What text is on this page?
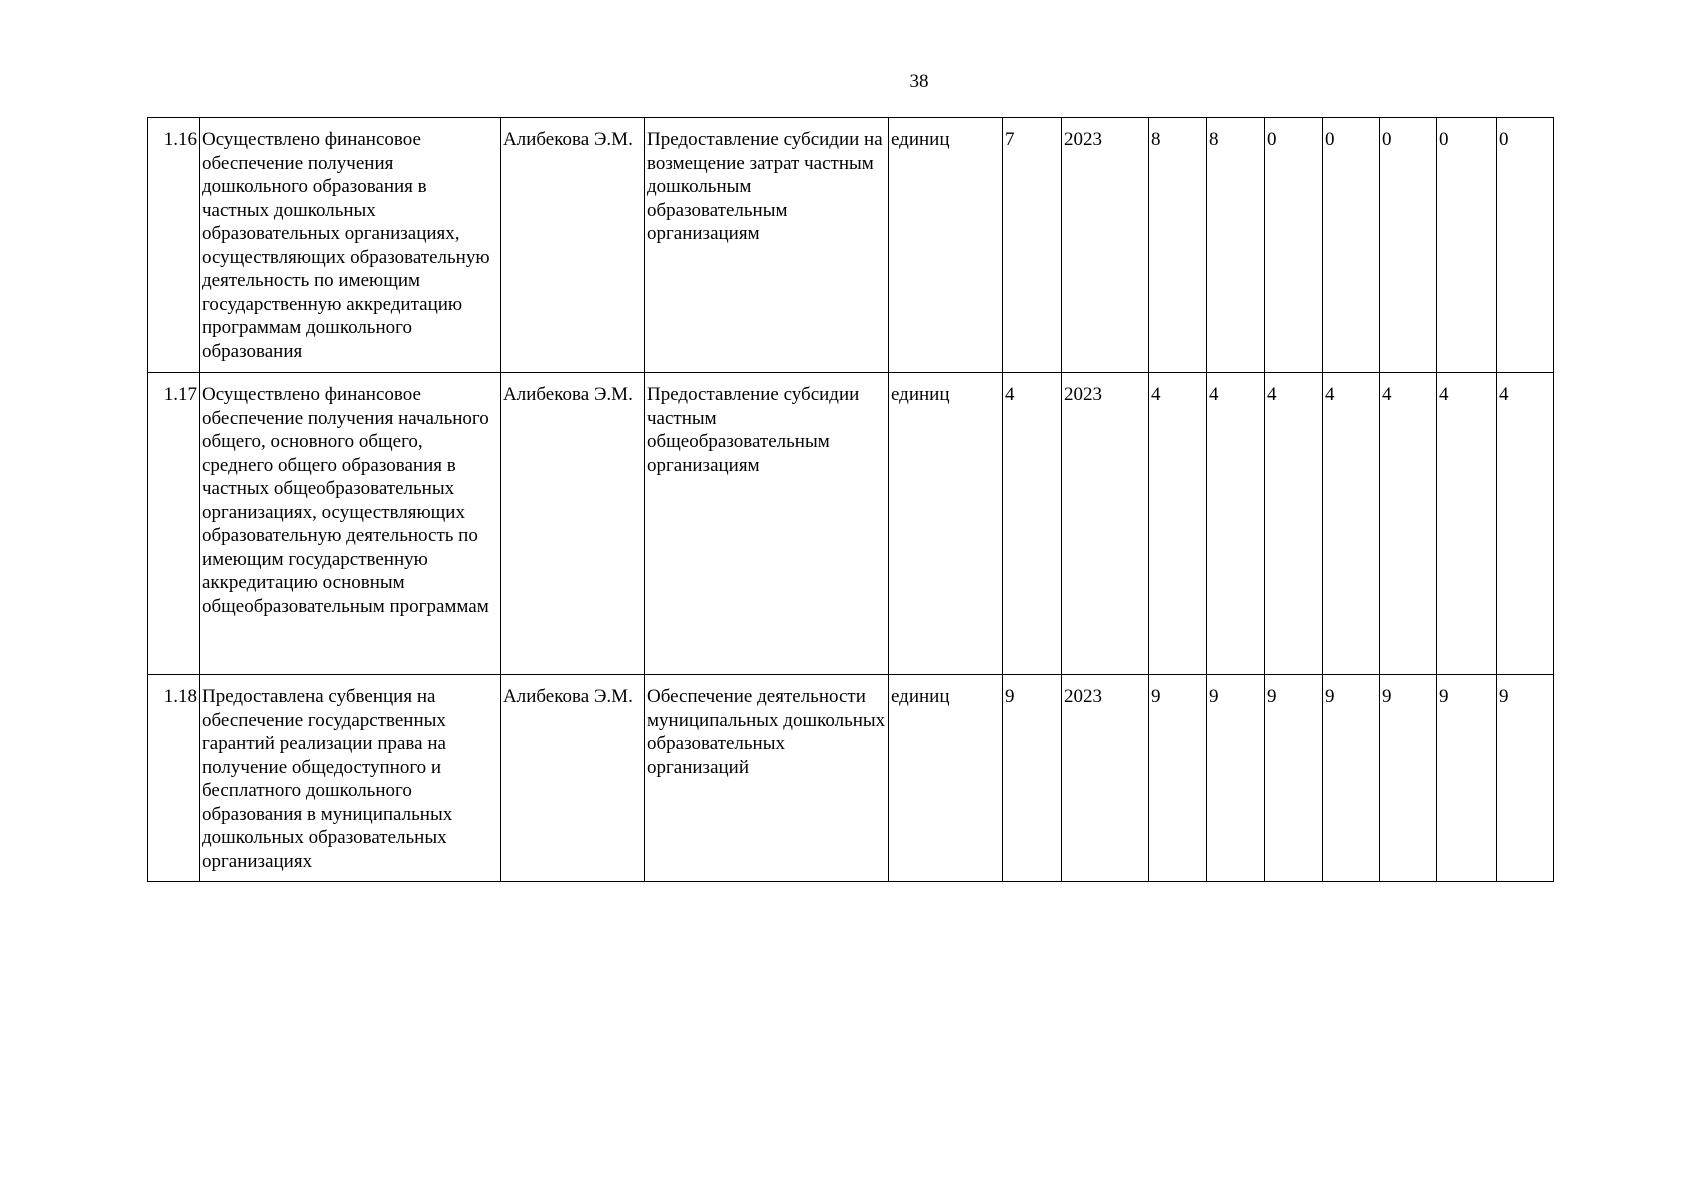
38
1.16	Осуществлено финансовое обеспечение получения дошкольного образования в частных дошкольных образовательных организациях, осуществляющих образовательную деятельность по имеющим государственную аккредитацию программам дошкольного образования	Алибекова Э.М.	Предоставление субсидии на возмещение затрат частным дошкольным образовательным организациям	единиц	7	2023	8	8	0	0	0	0	0
1.17	Осуществлено финансовое обеспечение получения начального общего, основного общего, среднего общего образования в частных общеобразовательных организациях, осуществляющих образовательную деятельность по имеющим государственную аккредитацию основным общеобразовательным программам	Алибекова Э.М.	Предоставление субсидии частным общеобразовательным организациям	единиц	4	2023	4	4	4	4	4	4	4
1.18	Предоставлена субвенция на обеспечение государственных гарантий реализации права на получение общедоступного и бесплатного дошкольного образования в муниципальных дошкольных образовательных организациях	Алибекова Э.М.	Обеспечение деятельности муниципальных дошкольных образовательных организаций	единиц	9	2023	9	9	9	9	9	9	9
